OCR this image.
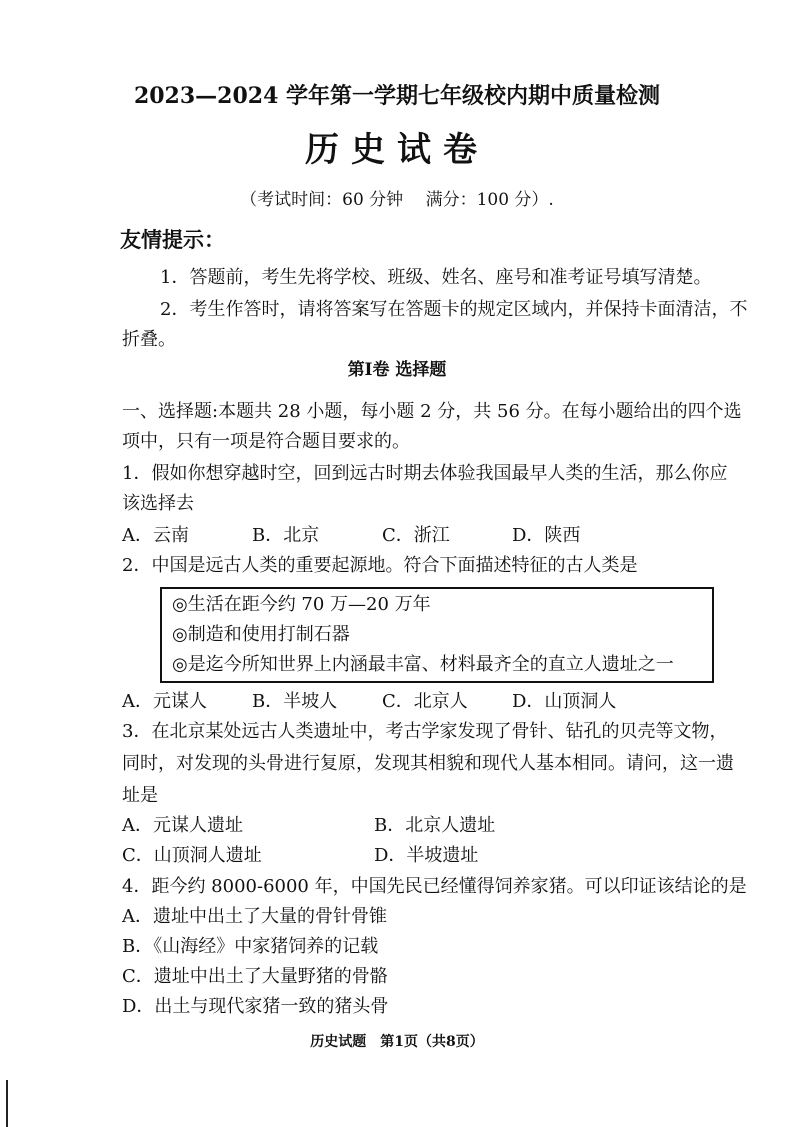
2023—2024 学年第一学期七年级校内期中质量检测
历史试卷
（考试时间：60 分钟　 满分：100 分）.
友情提示：
1．答题前，考生先将学校、班级、姓名、座号和准考证号填写清楚。
2．考生作答时，请将答案写在答题卡的规定区域内，并保持卡面清洁，不
折叠。
第Ⅰ卷 选择题
一、选择题:本题共 28 小题，每小题 2 分，共 56 分。在每小题给出的四个选
项中，只有一项是符合题目要求的。
1．假如你想穿越时空，回到远古时期去体验我国最早人类的生活，那么你应
该选择去
A．云南	B．北京	C．浙江	D．陕西
2．中国是远古人类的重要起源地。符合下面描述特征的古人类是
◎生活在距今约 70 万—20 万年
◎制造和使用打制石器
◎是迄今所知世界上内涵最丰富、材料最齐全的直立人遗址之一
A．元谋人	B．半坡人	C．北京人	D．山顶洞人
3．在北京某处远古人类遗址中，考古学家发现了骨针、钻孔的贝壳等文物，
同时，对发现的头骨进行复原，发现其相貌和现代人基本相同。请问，这一遗
址是
A．元谋人遗址	B．北京人遗址
C．山顶洞人遗址	D．半坡遗址
4．距今约 8000-6000 年，中国先民已经懂得饲养家猪。可以印证该结论的是
A．遗址中出土了大量的骨针骨锥
B．《山海经》中家猪饲养的记载
C．遗址中出土了大量野猪的骨骼
D．出土与现代家猪一致的猪头骨
历史试题　第1页（共8页）
